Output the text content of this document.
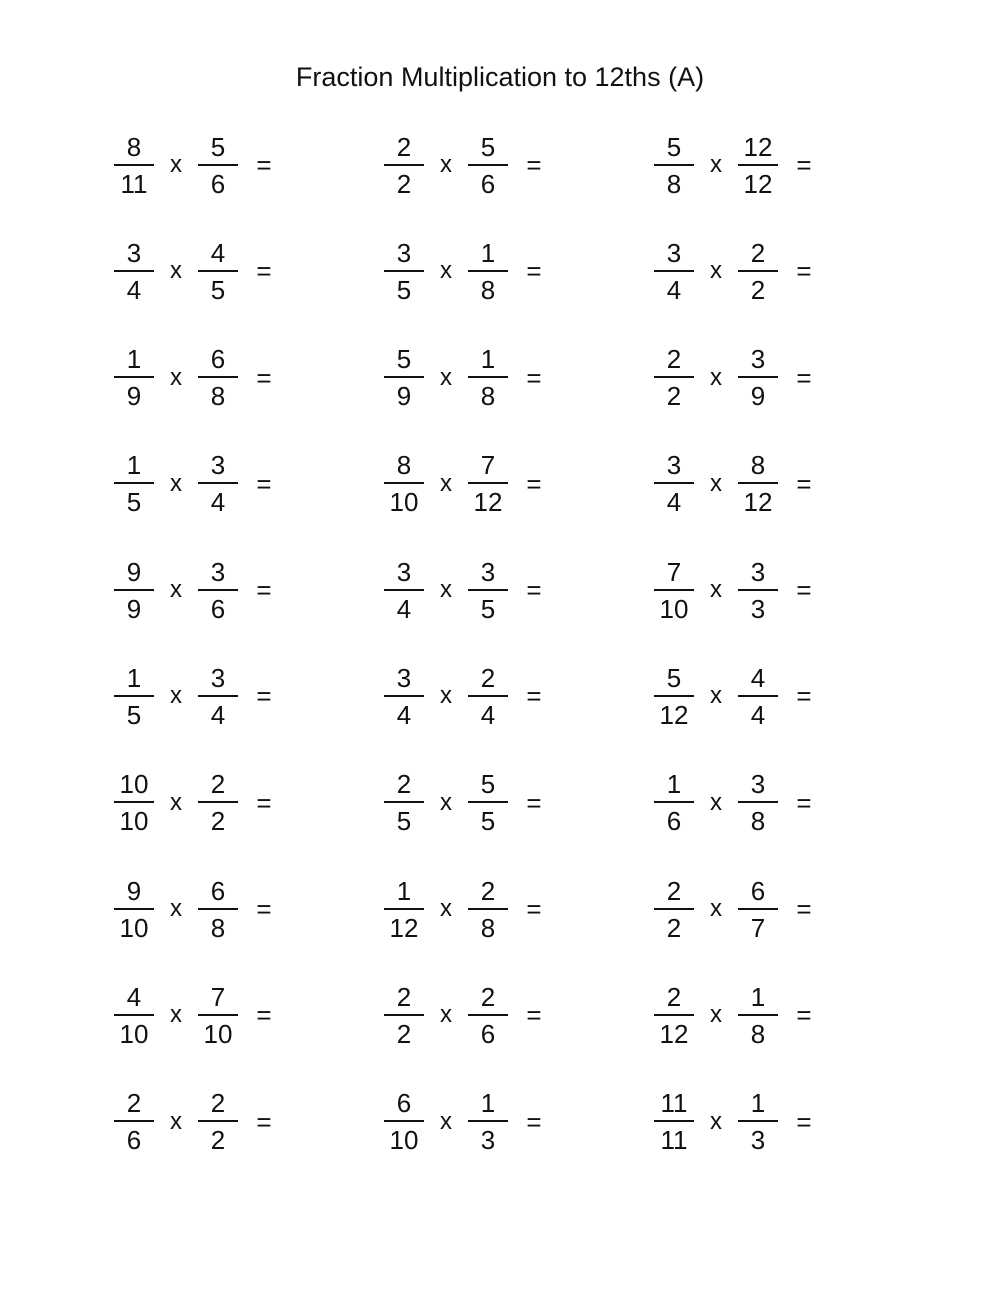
Fraction Multiplication to 12ths (A)
$\frac{8}{11}$ x $\frac{5}{6}$ =	$\frac{2}{2}$ x $\frac{5}{6}$ =	$\frac{5}{8}$ x $\frac{12}{12}$ =
$\frac{3}{4}$ x $\frac{4}{5}$ =	$\frac{3}{5}$ x $\frac{1}{8}$ =	$\frac{3}{4}$ x $\frac{2}{2}$ =
$\frac{1}{9}$ x $\frac{6}{8}$ =	$\frac{5}{9}$ x $\frac{1}{8}$ =	$\frac{2}{2}$ x $\frac{3}{9}$ =
$\frac{1}{5}$ x $\frac{3}{4}$ =	$\frac{8}{10}$ x $\frac{7}{12}$ =	$\frac{3}{4}$ x $\frac{8}{12}$ =
$\frac{9}{9}$ x $\frac{3}{6}$ =	$\frac{3}{4}$ x $\frac{3}{5}$ =	$\frac{7}{10}$ x $\frac{3}{3}$ =
$\frac{1}{5}$ x $\frac{3}{4}$ =	$\frac{3}{4}$ x $\frac{2}{4}$ =	$\frac{5}{12}$ x $\frac{4}{4}$ =
$\frac{10}{10}$ x $\frac{2}{2}$ =	$\frac{2}{5}$ x $\frac{5}{5}$ =	$\frac{1}{6}$ x $\frac{3}{8}$ =
$\frac{9}{10}$ x $\frac{6}{8}$ =	$\frac{1}{12}$ x $\frac{2}{8}$ =	$\frac{2}{2}$ x $\frac{6}{7}$ =
$\frac{4}{10}$ x $\frac{7}{10}$ =	$\frac{2}{2}$ x $\frac{2}{6}$ =	$\frac{2}{12}$ x $\frac{1}{8}$ =
$\frac{2}{6}$ x $\frac{2}{2}$ =	$\frac{6}{10}$ x $\frac{1}{3}$ =	$\frac{11}{11}$ x $\frac{1}{3}$ =
